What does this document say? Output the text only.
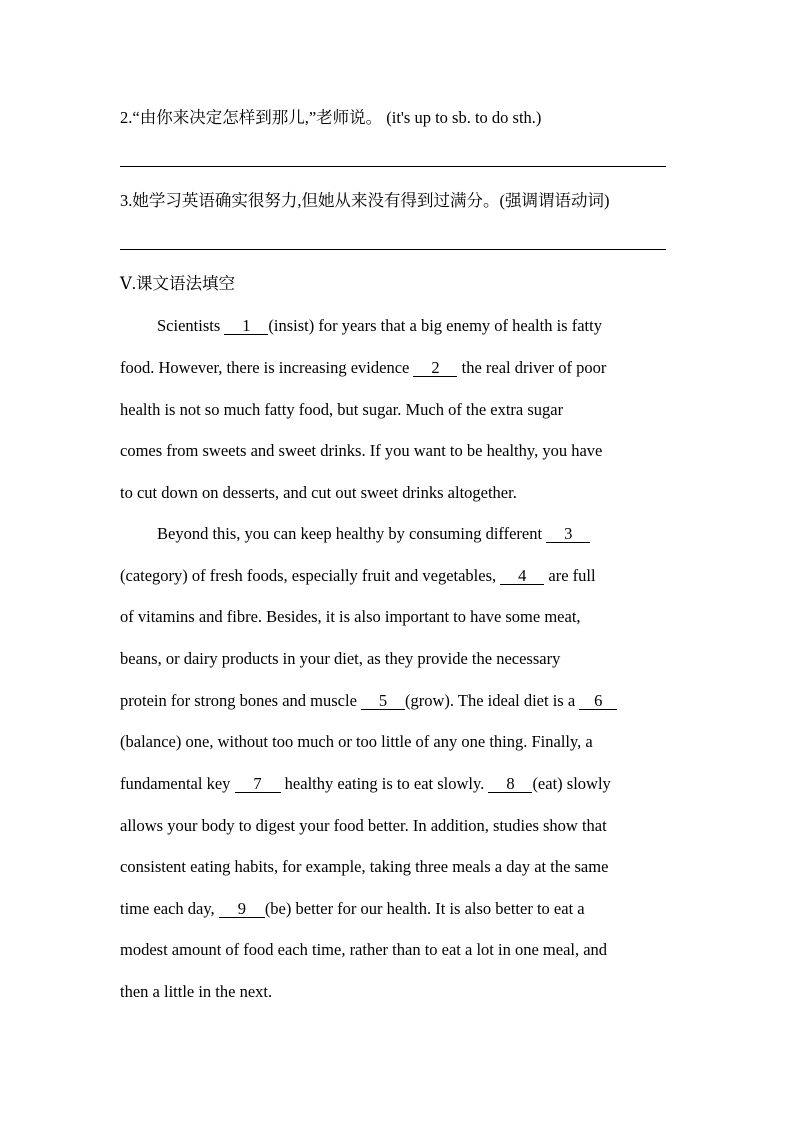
2.“由你来决定怎样到那儿,”老师说。 (it's up to sb. to do sth.)
3.她学习英语确实很努力,但她从来没有得到过满分。(强调谓语动词)
Ⅴ.课文语法填空
Scientists 1 (insist) for years that a big enemy of health is fatty
food. However, there is increasing evidence 2 the real driver of poor
health is not so much fatty food, but sugar. Much of the extra sugar
comes from sweets and sweet drinks. If you want to be healthy, you have
to cut down on desserts, and cut out sweet drinks altogether.
Beyond this, you can keep healthy by consuming different 3
(category) of fresh foods, especially fruit and vegetables, 4 are full
of vitamins and fibre. Besides, it is also important to have some meat,
beans, or dairy products in your diet, as they provide the necessary
protein for strong bones and muscle 5 (grow). The ideal diet is a 6
(balance) one, without too much or too little of any one thing. Finally, a
fundamental key 7 healthy eating is to eat slowly. 8 (eat) slowly
allows your body to digest your food better. In addition, studies show that
consistent eating habits, for example, taking three meals a day at the same
time each day, 9 (be) better for our health. It is also better to eat a
modest amount of food each time, rather than to eat a lot in one meal, and
then a little in the next.
